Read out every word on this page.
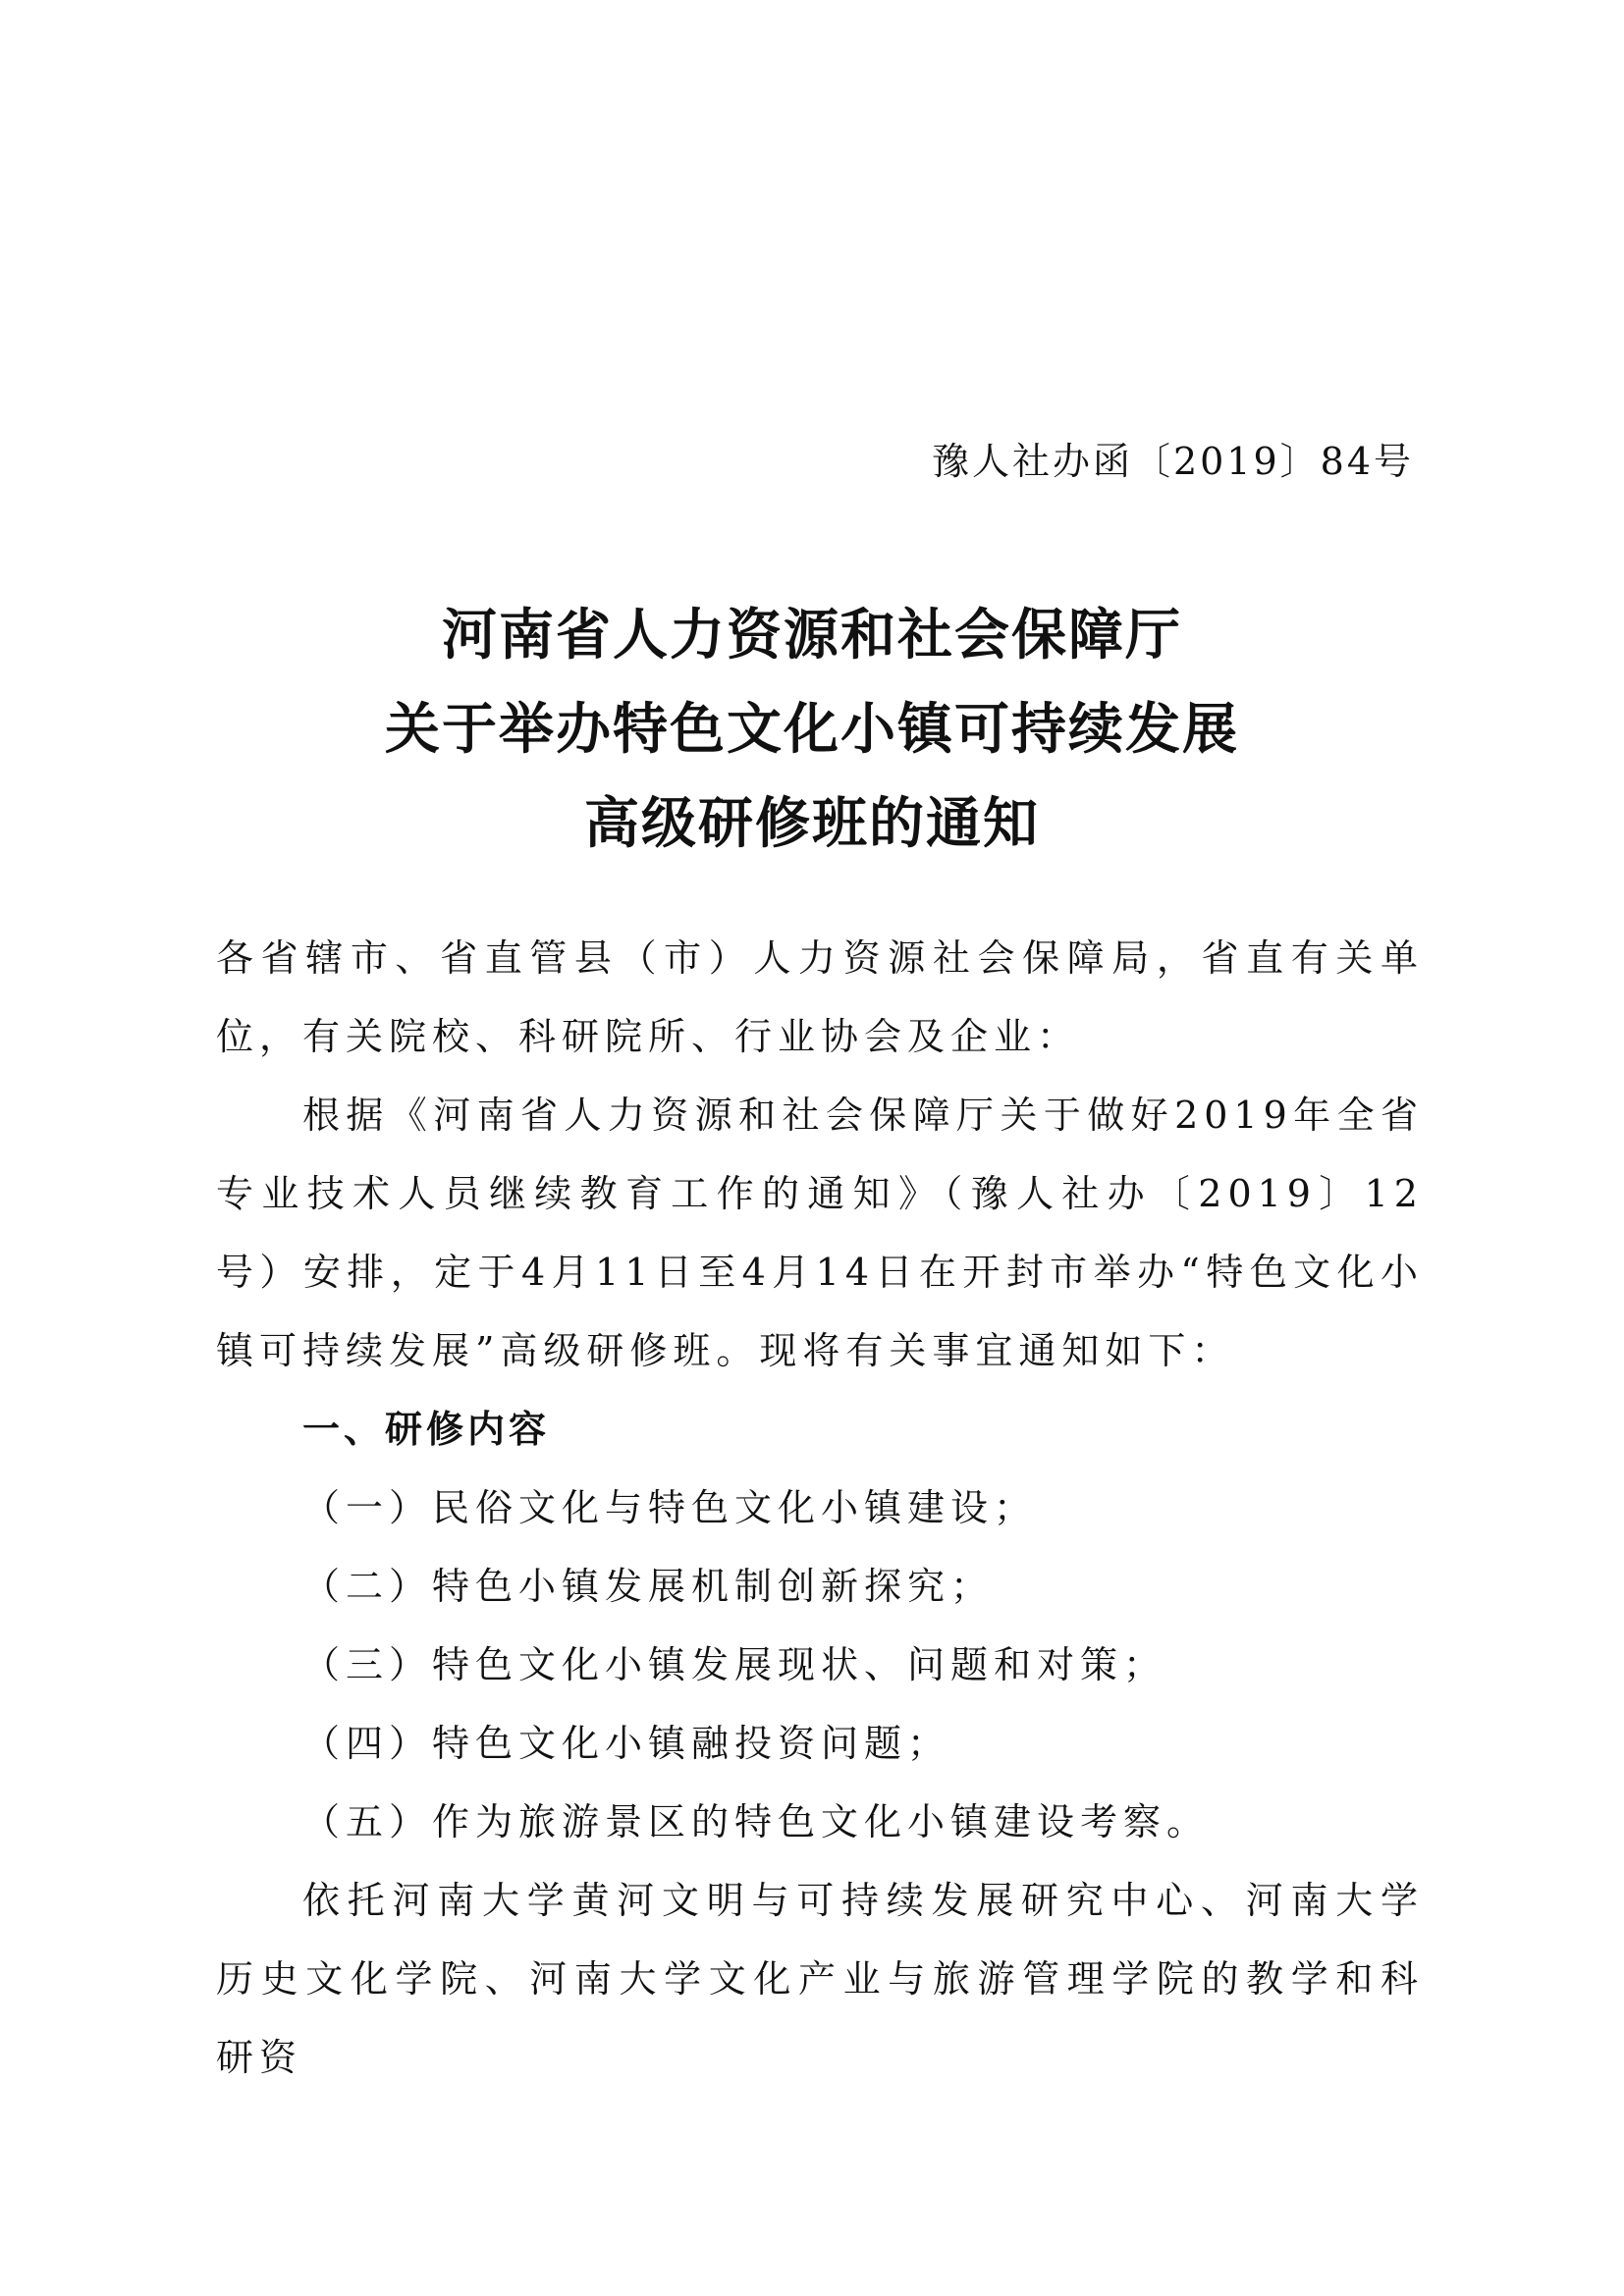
豫人社办函〔2019〕84号
河南省人力资源和社会保障厅
关于举办特色文化小镇可持续发展
高级研修班的通知

各省辖市、省直管县（市）人力资源社会保障局，省直有关单位，有关院校、科研院所、行业协会及企业：

根据《河南省人力资源和社会保障厅关于做好2019年全省专业技术人员继续教育工作的通知》（豫人社办〔2019〕12号）安排，定于4月11日至4月14日在开封市举办“特色文化小镇可持续发展”高级研修班。现将有关事宜通知如下：

一、研修内容

（一）民俗文化与特色文化小镇建设；

（二）特色小镇发展机制创新探究；

（三）特色文化小镇发展现状、问题和对策；

（四）特色文化小镇融投资问题；

（五）作为旅游景区的特色文化小镇建设考察。

依托河南大学黄河文明与可持续发展研究中心、河南大学历史文化学院、河南大学文化产业与旅游管理学院的教学和科研资
